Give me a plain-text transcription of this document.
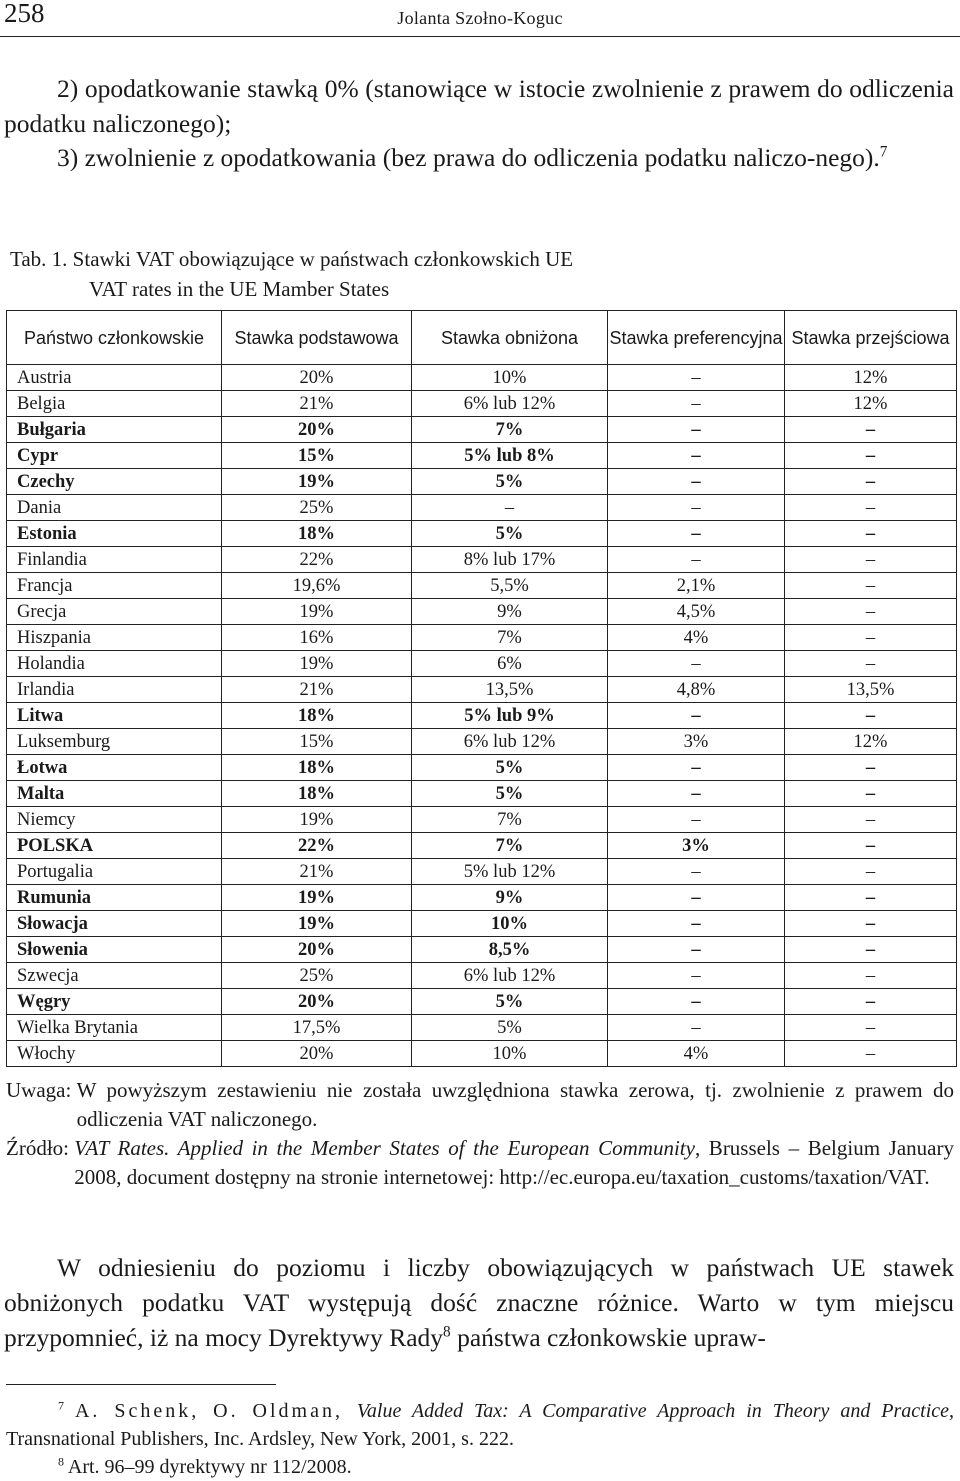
258	Jolanta Szołno-Koguc

2) opodatkowanie stawką 0% (stanowiące w istocie zwolnienie z prawem do odliczenia podatku naliczonego);

3) zwolnienie z opodatkowania (bez prawa do odliczenia podatku naliczo-nego).$^7$

Tab. 1. Stawki VAT obowiązujące w państwach członkowskich UE
VAT rates in the UE Mamber States
Państwo członkowskie	Stawka podstawowa	Stawka obniżona	Stawka preferencyjna	Stawka przejściowa
Austria	20%	10%	–	12%
Belgia	21%	6% lub 12%	–	12%
Bułgaria	20%	7%	–	–
Cypr	15%	5% lub 8%	–	–
Czechy	19%	5%	–	–
Dania	25%	–	–	–
Estonia	18%	5%	–	–
Finlandia	22%	8% lub 17%	–	–
Francja	19,6%	5,5%	2,1%	–
Grecja	19%	9%	4,5%	–
Hiszpania	16%	7%	4%	–
Holandia	19%	6%	–	–
Irlandia	21%	13,5%	4,8%	13,5%
Litwa	18%	5% lub 9%	–	–
Luksemburg	15%	6% lub 12%	3%	12%
Łotwa	18%	5%	–	–
Malta	18%	5%	–	–
Niemcy	19%	7%	–	–
POLSKA	22%	7%	3%	–
Portugalia	21%	5% lub 12%	–	–
Rumunia	19%	9%	–	–
Słowacja	19%	10%	–	–
Słowenia	20%	8,5%	–	–
Szwecja	25%	6% lub 12%	–	–
Węgry	20%	5%	–	–
Wielka Brytania	17,5%	5%	–	–
Włochy	20%	10%	4%	–
Uwaga: W powyższym zestawieniu nie została uwzględniona stawka zerowa, tj. zwolnienie z prawem do odliczenia VAT naliczonego.
Źródło: VAT Rates. Applied in the Member States of the European Community, Brussels – Belgium January 2008, document dostępny na stronie internetowej: http://ec.europa.eu/taxation_customs/taxation/VAT.

W odniesieniu do poziomu i liczby obowiązujących w państwach UE stawek obniżonych podatku VAT występują dość znaczne różnice. Warto w tym miejscu przypomnieć, iż na mocy Dyrektywy Rady$^8$ państwa członkowskie upraw-

$^7$ A. Schenk, O. Oldman, Value Added Tax: A Comparative Approach in Theory and Practice, Transnational Publishers, Inc. Ardsley, New York, 2001, s. 222.

$^8$ Art. 96–99 dyrektywy nr 112/2008.
